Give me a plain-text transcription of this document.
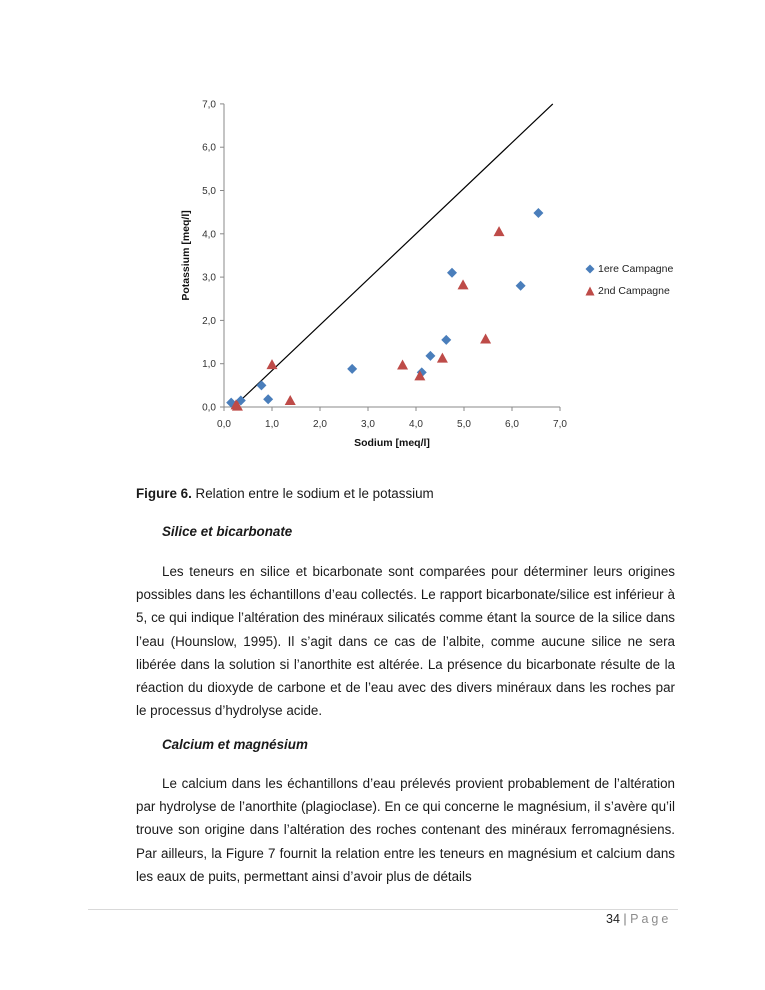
0,0	1,0	2,0	3,0	4,0	5,0	6,0	7,0
0,0
1,0
2,0
3,0
4,0
5,0
6,0
7,0
Sodium [meq/l]
Potassium [meq/l]	1ere Campagne
2nd Campagne
Figure 6. Relation entre le sodium et le potassium
Silice et bicarbonate
Les teneurs en silice et bicarbonate sont comparées pour déterminer leurs origines possibles dans les échantillons d’eau collectés. Le rapport bicarbonate/silice est inférieur à 5, ce qui indique l’altération des minéraux silicatés comme étant la source de la silice dans l’eau (Hounslow, 1995). Il s’agit dans ce cas de l’albite, comme aucune silice ne sera libérée dans la solution si l’anorthite est altérée. La présence du bicarbonate résulte de la réaction du dioxyde de carbone et de l’eau avec des divers minéraux dans les roches par le processus d’hydrolyse acide.
Calcium et magnésium
Le calcium dans les échantillons d’eau prélevés provient probablement de l’altération par hydrolyse de l’anorthite (plagioclase). En ce qui concerne le magnésium, il s’avère qu’il trouve son origine dans l’altération des roches contenant des minéraux ferromagnésiens. Par ailleurs, la Figure 7 fournit la relation entre les teneurs en magnésium et calcium dans les eaux de puits, permettant ainsi d’avoir plus de détails
34 | Page
